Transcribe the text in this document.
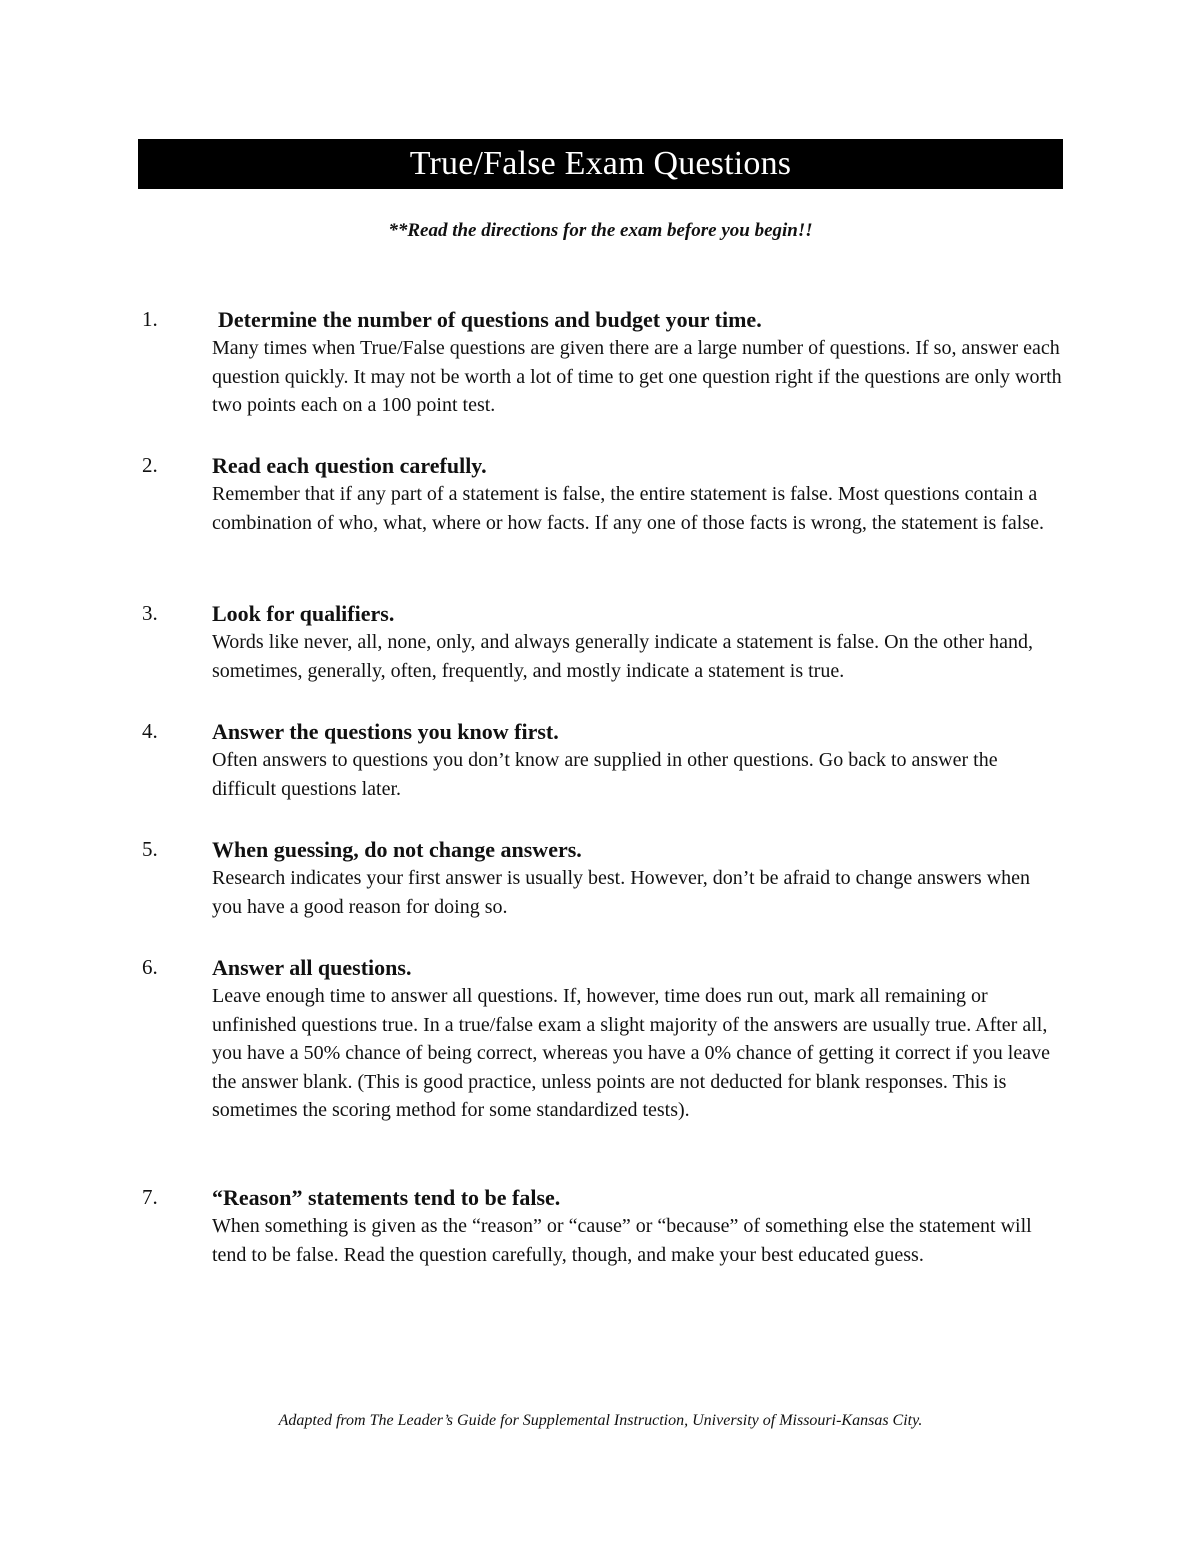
True/False Exam Questions
**Read the directions for the exam before you begin!!
1.	Determine the number of questions and budget your time.
Many times when True/False questions are given there are a large number of questions. If so, answer each question quickly. It may not be worth a lot of time to get one question right if the questions are only worth two points each on a 100 point test.
2. Read each question carefully.
Remember that if any part of a statement is false, the entire statement is false. Most questions contain a combination of who, what, where or how facts. If any one of those facts is wrong, the statement is false.
3. Look for qualifiers.
Words like never, all, none, only, and always generally indicate a statement is false. On the other hand, sometimes, generally, often, frequently, and mostly indicate a statement is true.
4. Answer the questions you know first.
Often answers to questions you don’t know are supplied in other questions. Go back to answer the difficult questions later.
5. When guessing, do not change answers.
Research indicates your first answer is usually best. However, don’t be afraid to change answers when you have a good reason for doing so.
6. Answer all questions.
Leave enough time to answer all questions. If, however, time does run out, mark all remaining or unfinished questions true. In a true/false exam a slight majority of the answers are usually true. After all, you have a 50% chance of being correct, whereas you have a 0% chance of getting it correct if you leave the answer blank. (This is good practice, unless points are not deducted for blank responses. This is sometimes the scoring method for some standardized tests).
7. “Reason” statements tend to be false.
When something is given as the “reason” or “cause” or “because” of something else the statement will tend to be false. Read the question carefully, though, and make your best educated guess.
Adapted from The Leader’s Guide for Supplemental Instruction, University of Missouri-Kansas City.
